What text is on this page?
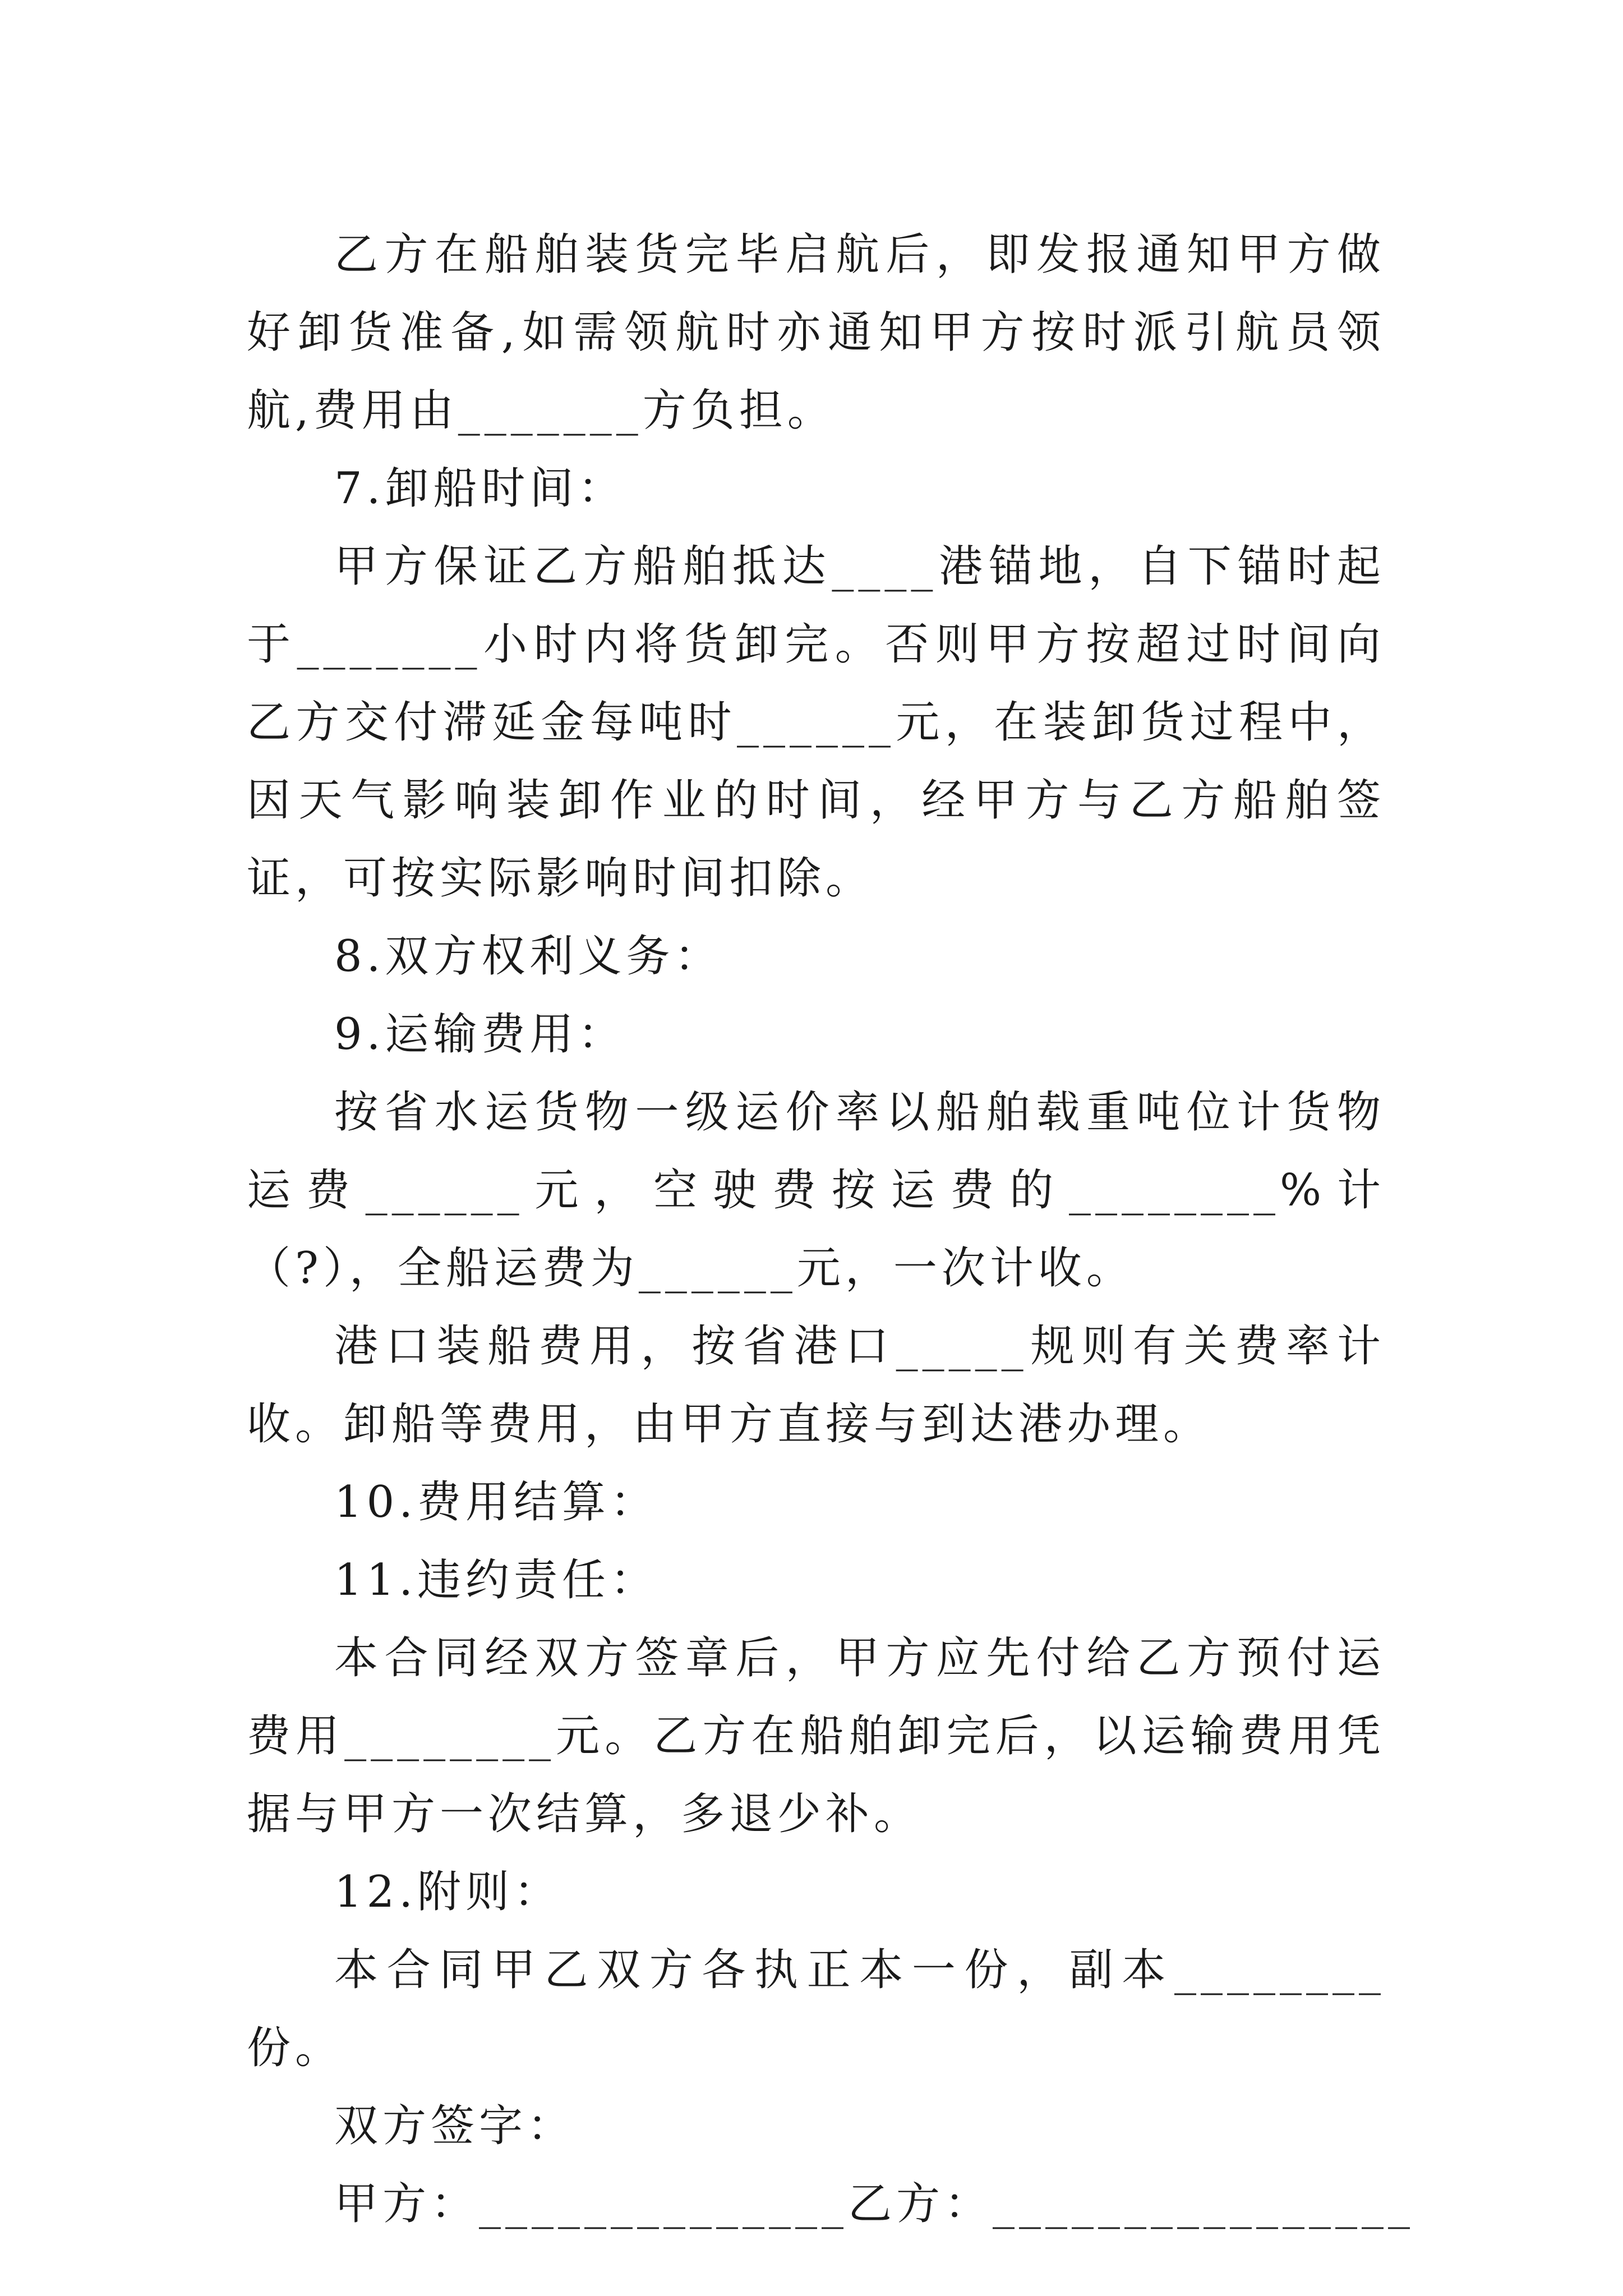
乙方在船舶装货完毕启航后，即发报通知甲方做好卸货准备,如需领航时亦通知甲方按时派引航员领航,费用由_______方负担。

7.卸船时间：

甲方保证乙方船舶抵达____港锚地，自下锚时起于_______小时内将货卸完。否则甲方按超过时间向乙方交付滞延金每吨时______元，在装卸货过程中，因天气影响装卸作业的时间，经甲方与乙方船舶签证，可按实际影响时间扣除。

8.双方权利义务：

9.运输费用：

按省水运货物一级运价率以船舶载重吨位计货物运费______元，空驶费按运费的________%计（?），全船运费为______元，一次计收。

港口装船费用，按省港口_____规则有关费率计收。卸船等费用，由甲方直接与到达港办理。

10.费用结算：

11.违约责任：

本合同经双方签章后，甲方应先付给乙方预付运费用________元。乙方在船舶卸完后，以运输费用凭据与甲方一次结算，多退少补。

12.附则：

本合同甲乙双方各执正本一份，副本________份。

双方签字：

甲方：______________乙方：________________
